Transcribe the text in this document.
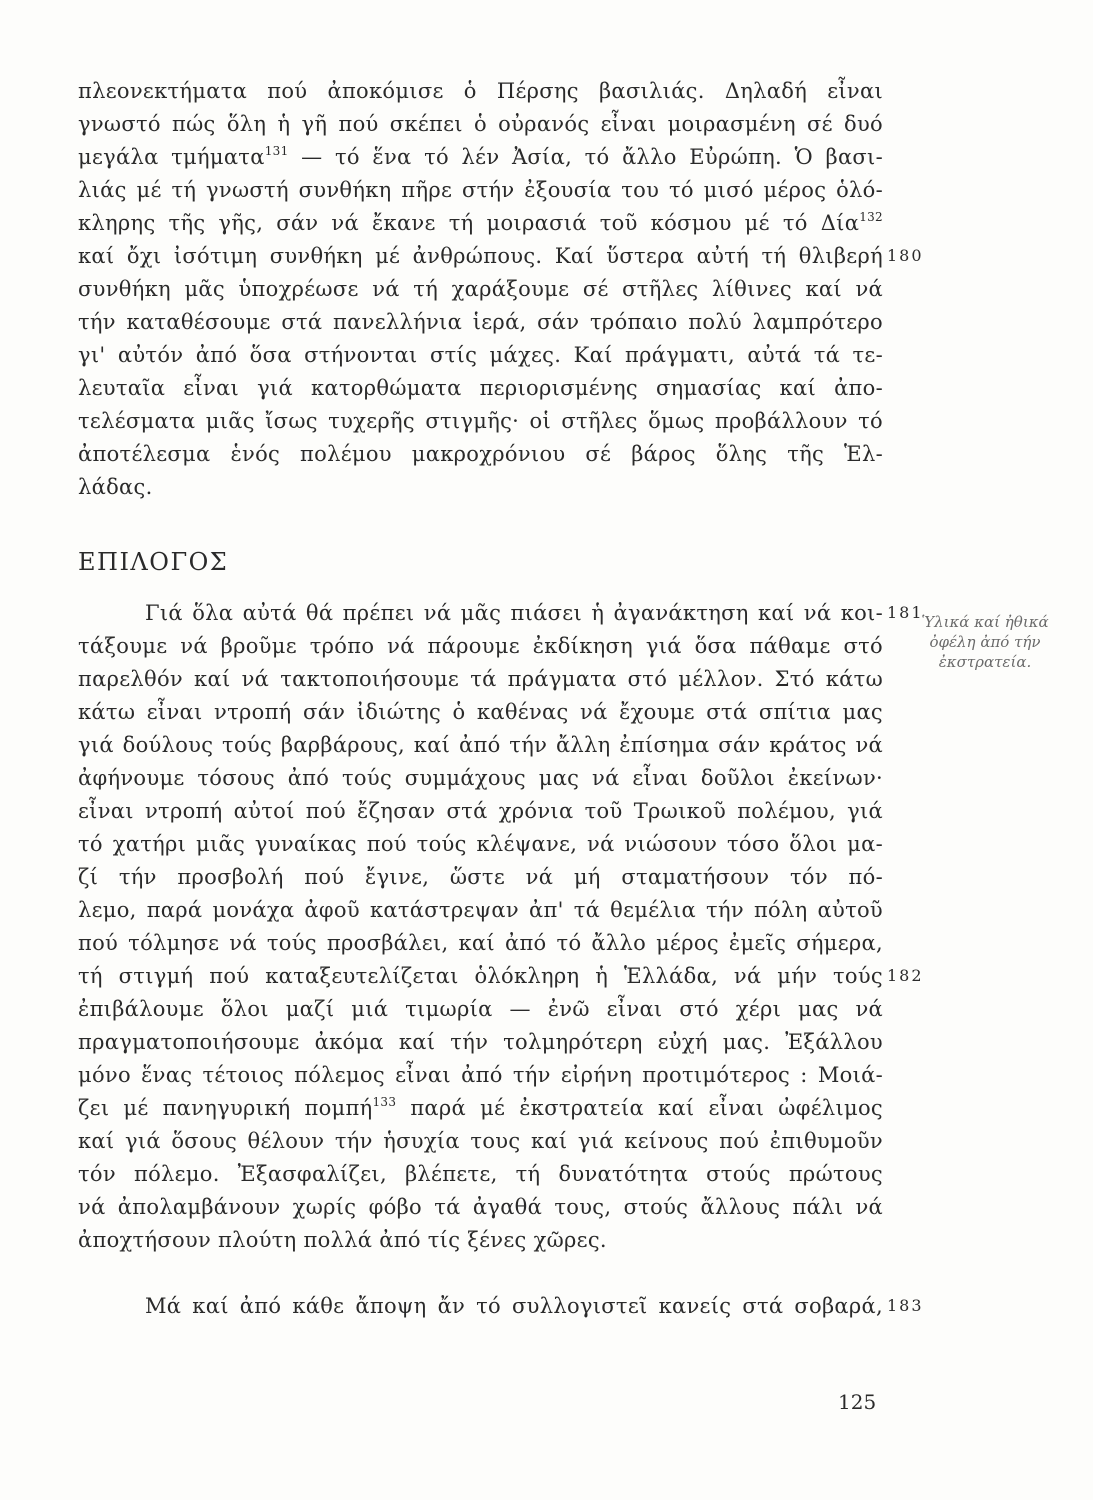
πλεονεκτήματα πού ἀποκόμισε ὁ Πέρσης βασιλιάς. Δηλαδή εἶναι
γνωστό πώς ὅλη ἡ γῆ πού σκέπει ὁ οὐρανός εἶναι μοιρασμένη σέ δυό
μεγάλα τμήματα$^{131}$ — τό ἕνα τό λέν Ἀσία, τό ἄλλο Εὐρώπη. Ὁ βασι-
λιάς μέ τή γνωστή συνθήκη πῆρε στήν ἐξουσία του τό μισό μέρος ὁλό-
κληρης τῆς γῆς, σάν νά ἔκανε τή μοιρασιά τοῦ κόσμου μέ τό Δία$^{132}$
καί ὄχι ἰσότιμη συνθήκη μέ ἀνθρώπους. Καί ὕστερα αὐτή τή θλιβερή
συνθήκη μᾶς ὑποχρέωσε νά τή χαράξουμε σέ στῆλες λίθινες καί νά
τήν καταθέσουμε στά πανελλήνια ἱερά, σάν τρόπαιο πολύ λαμπρότερο
γι' αὐτόν ἀπό ὅσα στήνονται στίς μάχες. Καί πράγματι, αὐτά τά τε-
λευταῖα εἶναι γιά κατορθώματα περιορισμένης σημασίας καί ἀπο-
τελέσματα μιᾶς ἴσως τυχερῆς στιγμῆς· οἱ στῆλες ὅμως προβάλλουν τό
ἀποτέλεσμα ἑνός πολέμου μακροχρόνιου σέ βάρος ὅλης τῆς Ἑλ-
λάδας.
180
ΕΠΙΛΟΓΟΣ
Γιά ὅλα αὐτά θά πρέπει νά μᾶς πιάσει ἡ ἀγανάκτηση καί νά κοι-
τάξουμε νά βροῦμε τρόπο νά πάρουμε ἐκδίκηση γιά ὅσα πάθαμε στό
παρελθόν καί νά τακτοποιήσουμε τά πράγματα στό μέλλον. Στό κάτω
κάτω εἶναι ντροπή σάν ἰδιώτης ὁ καθένας νά ἔχουμε στά σπίτια μας
γιά δούλους τούς βαρβάρους, καί ἀπό τήν ἄλλη ἐπίσημα σάν κράτος νά
ἀφήνουμε τόσους ἀπό τούς συμμάχους μας νά εἶναι δοῦλοι ἐκείνων·
εἶναι ντροπή αὐτοί πού ἔζησαν στά χρόνια τοῦ Τρωικοῦ πολέμου, γιά
τό χατήρι μιᾶς γυναίκας πού τούς κλέψανε, νά νιώσουν τόσο ὅλοι μα-
ζί τήν προσβολή πού ἔγινε, ὥστε νά μή σταματήσουν τόν πό-
λεμο, παρά μονάχα ἀφοῦ κατάστρεψαν ἀπ' τά θεμέλια τήν πόλη αὐτοῦ
πού τόλμησε νά τούς προσβάλει, καί ἀπό τό ἄλλο μέρος ἐμεῖς σήμερα,
τή στιγμή πού καταξευτελίζεται ὁλόκληρη ἡ Ἑλλάδα, νά μήν τούς
ἐπιβάλουμε ὅλοι μαζί μιά τιμωρία — ἐνῶ εἶναι στό χέρι μας νά
πραγματοποιήσουμε ἀκόμα καί τήν τολμηρότερη εὐχή μας. Ἐξάλλου
μόνο ἕνας τέτοιος πόλεμος εἶναι ἀπό τήν εἰρήνη προτιμότερος : Μοιά-
ζει μέ πανηγυρική πομπή$^{133}$ παρά μέ ἐκστρατεία καί εἶναι ὠφέλιμος
καί γιά ὅσους θέλουν τήν ἡσυχία τους καί γιά κείνους πού ἐπιθυμοῦν
τόν πόλεμο. Ἐξασφαλίζει, βλέπετε, τή δυνατότητα στούς πρώτους
νά ἀπολαμβάνουν χωρίς φόβο τά ἀγαθά τους, στούς ἄλλους πάλι νά
ἀποχτήσουν πλούτη πολλά ἀπό τίς ξένες χῶρες.
181
Ὑλικά καί ἠθικά ὀφέλη ἀπό τήν ἐκστρατεία.
182
Μά καί ἀπό κάθε ἄποψη ἄν τό συλλογιστεῖ κανείς στά σοβαρά, 183
125
